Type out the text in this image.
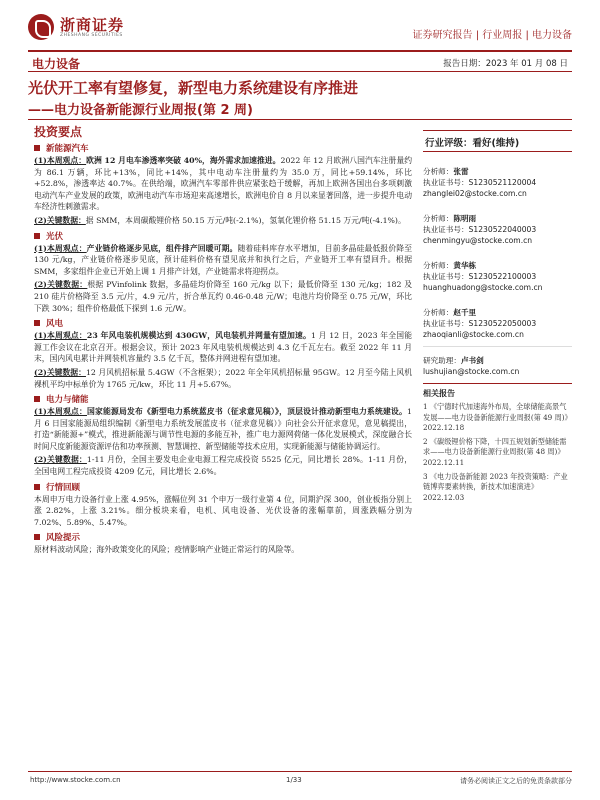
浙商证券
ZHESHANG SECURITIES	证券研究报告 | 行业周报 | 电力设备
电力设备	报告日期：2023 年 01 月 08 日
光伏开工率有望修复，新型电力系统建设有序推进
——电力设备新能源行业周报(第 2 周)
投资要点
新能源汽车
(1)本周观点：欧洲 12 月电车渗透率突破 40%，海外需求加速推进。2022 年 12 月欧洲八国汽车注册量约为 86.1 万辆，环比+13%，同比+14%，其中电动车注册量约为 35.0 万，同比+59.14%，环比+52.8%，渗透率达 40.7%。在供给端，欧洲汽车零部件供应紧张趋于缓解，再加上欧洲各国出台多项刺激电动汽车产业发展的政策，欧洲电动汽车市场迎来高速增长，欧洲电价自 8 月以来显著回落，进一步提升电动车经济性刺激需求。
(2)关键数据：据 SMM，本周碳酸锂价格 50.15 万元/吨(-2.1%)，氢氧化锂价格 51.15 万元/吨(-4.1%)。
光伏
(1)本周观点：产业链价格逐步见底，组件排产回暖可期。随着硅料库存水平增加，目前多晶硅最低报价降至 130 元/kg，产业链价格逐步见底，预计硅料价格有望见底并和执行之后，产业链开工率有望回升。根据 SMM，多家组件企业已开始上调 1 月排产计划，产业链需求将迎拐点。
(2)关键数据：根据 PVinfolink 数据，多晶硅均价降至 160 元/kg 以下；最低价降至 130 元/kg；182 及 210 硅片价格降至 3.5 元/片，4.9 元/片，折合单瓦约 0.46-0.48 元/W；电池片均价降至 0.75 元/W，环比下跌 30%；组件价格最低下探到 1.6 元/W。
风电
(1)本周观点：23 年风电装机规模达到 430GW，风电装机并网量有望加速。1 月 12 日，2023 年全国能源工作会议在北京召开。根据会议，预计 2023 年风电装机规模达到 4.3 亿千瓦左右。截至 2022 年 11 月末，国内风电累计并网装机容量约 3.5 亿千瓦，整体并网进程有望加速。
(2)关键数据：12 月风机招标量 5.4GW（不含框架）；2022 年全年风机招标量 95GW。12 月至今陆上风机裸机平均中标单价为 1765 元/kw，环比 11 月+5.67%。
电力与储能
(1)本周观点：国家能源局发布《新型电力系统蓝皮书（征求意见稿）》，顶层设计推动新型电力系统建设。1 月 6 日国家能源局组织编制《新型电力系统发展蓝皮书（征求意见稿）》向社会公开征求意见，意见稿提出，打造“新能源+”模式，推进新能源与调节性电源的多能互补，推广电力源网荷储一体化发展模式，深度融合长时间尺度新能源资源评估和功率预测、智慧调控、新型储能等技术应用，实现新能源与储能协调运行。
(2)关键数据：1-11 月份，全国主要发电企业电源工程完成投资 5525 亿元，同比增长 28%。1-11 月份，全国电网工程完成投资 4209 亿元，同比增长 2.6%。
行情回顾
本周申万电力设备行业上涨 4.95%，涨幅位列 31 个申万一级行业第 4 位，同期沪深 300，创业板指分别上涨 2.82%，上涨 3.21%。细分板块来看，电机、风电设备、光伏设备的涨幅靠前，周涨跌幅分别为 7.02%、5.89%、5.47%。
风险提示
原材料波动风险；海外政策变化的风险；疫情影响产业链正常运行的风险等。
行业评级：看好(维持)
分析师：张雷
执业证书号：S1230521120004
zhanglei02@stocke.com.cn
分析师：陈明雨
执业证书号：S1230522040003
chenmingyu@stocke.com.cn
分析师：黄华栋
执业证书号：S1230522100003
huanghuadong@stocke.com.cn
分析师：赵千里
执业证书号：S1230522050003
zhaoqianli@stocke.com.cn
研究助理：卢书剑
lushujian@stocke.com.cn
相关报告
1 《宁德时代加速海外布局，全球储能高景气发展——电力设备新能源行业周报(第 49 周)》 2022.12.18
2 《碳级锂价格下降，十四五规划新型储能需求——电力设备新能源行业周报(第 48 周)》 2022.12.11
3 《电力设备新能源 2023 年投资策略：产业链博弈要素转换，新技术加速演进》 2022.12.03
http://www.stocke.com.cn	1/33	请务必阅读正文之后的免责条款部分
